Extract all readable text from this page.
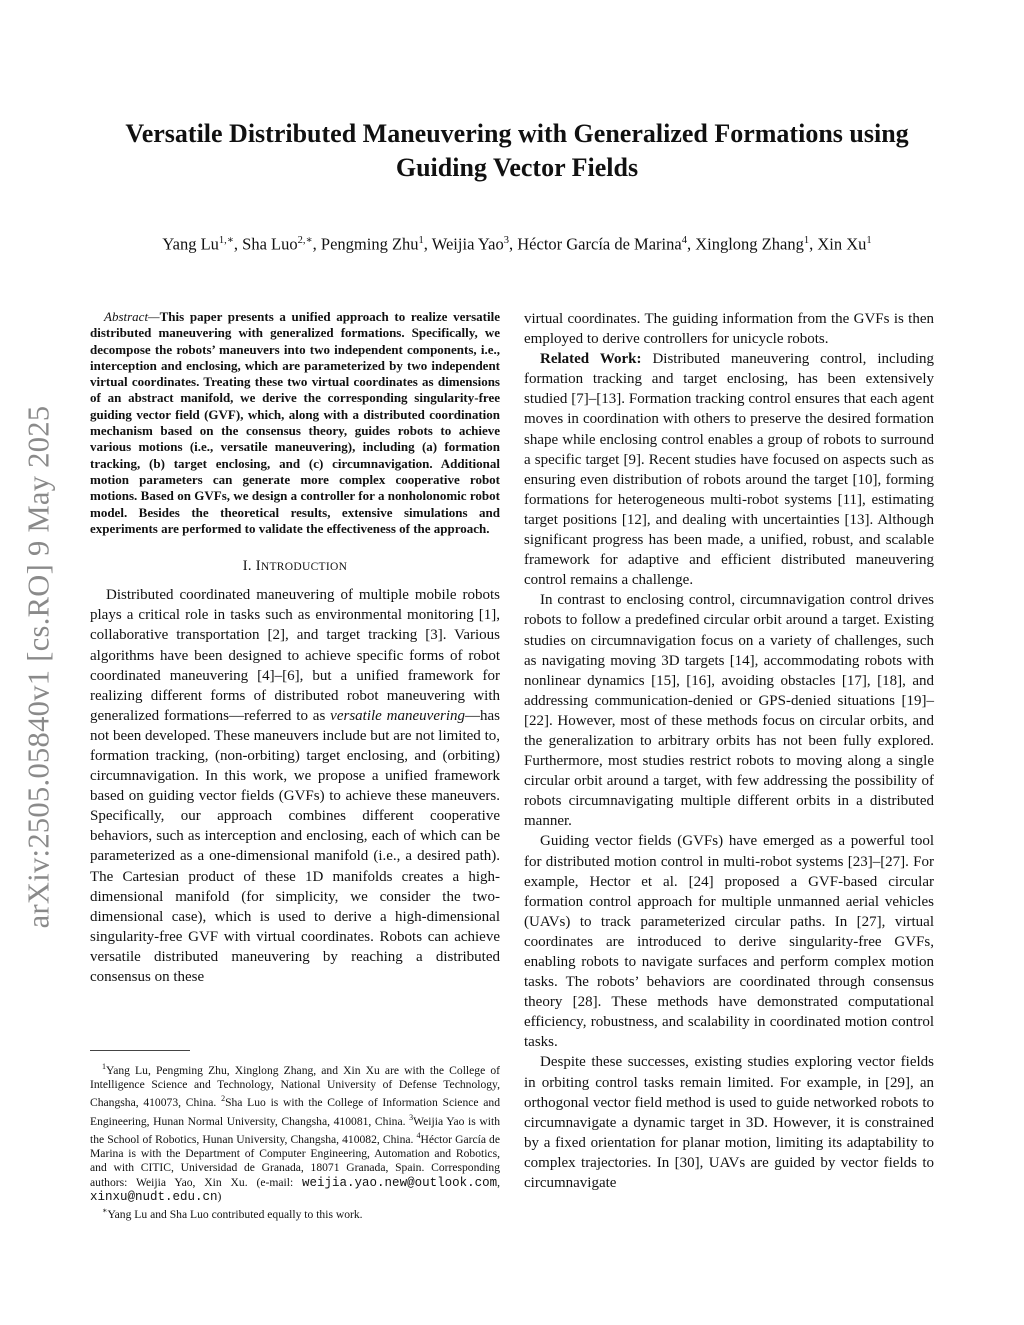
arXiv:2505.05840v1 [cs.RO] 9 May 2025
Versatile Distributed Maneuvering with Generalized Formations using Guiding Vector Fields
Yang $Lu^{1,∗}$, Sha Luo$^{2,∗}$, Pengming Zhu$^1$, Weijia Yao$^3$, Héctor García de Marina$^4$, Xinglong Zhang$^1$, Xin Xu$^1$

Abstract—This paper presents a unified approach to realize versatile distributed maneuvering with generalized formations. Specifically, we decompose the robots’ maneuvers into two independent components, i.e., interception and enclosing, which are parameterized by two independent virtual coordinates. Treating these two virtual coordinates as dimensions of an abstract manifold, we derive the corresponding singularity-free guiding vector field (GVF), which, along with a distributed coordination mechanism based on the consensus theory, guides robots to achieve various motions (i.e., versatile maneuvering), including (a) formation tracking, (b) target enclosing, and (c) circumnavigation. Additional motion parameters can generate more complex cooperative robot motions. Based on GVFs, we design a controller for a nonholonomic robot model. Besides the theoretical results, extensive simulations and experiments are performed to validate the effectiveness of the approach.

I. INTRODUCTION

Distributed coordinated maneuvering of multiple mobile robots plays a critical role in tasks such as environmental monitoring [1], collaborative transportation [2], and target tracking [3]. Various algorithms have been designed to achieve specific forms of robot coordinated maneuvering [4]–[6], but a unified framework for realizing different forms of distributed robot maneuvering with generalized formations—referred to as versatile maneuvering—has not been developed. These maneuvers include but are not limited to, formation tracking, (non-orbiting) target enclosing, and (orbiting) circumnavigation. In this work, we propose a unified framework based on guiding vector fields (GVFs) to achieve these maneuvers. Specifically, our approach combines different cooperative behaviors, such as interception and enclosing, each of which can be parameterized as a one-dimensional manifold (i.e., a desired path). The Cartesian product of these 1D manifolds creates a high-dimensional manifold (for simplicity, we consider the two-dimensional case), which is used to derive a high-dimensional singularity-free GVF with virtual coordinates. Robots can achieve versatile distributed maneuvering by reaching a distributed consensus on these

$^1$Yang Lu, Pengming Zhu, Xinglong Zhang, and Xin Xu are with the College of Intelligence Science and Technology, National University of Defense Technology, Changsha, 410073, China. $^2$Sha Luo is with the College of Information Science and Engineering, Hunan Normal University, Changsha, 410081, China. $^3$Weijia Yao is with the School of Robotics, Hunan University, Changsha, 410082, China. $^4$Héctor García de Marina is with the Department of Computer Engineering, Automation and Robotics, and with CITIC, Universidad de Granada, 18071 Granada, Spain. Corresponding authors: Weijia Yao, Xin Xu. (e-mail: weijia.yao.new@outlook.com, xinxu@nudt.edu.cn)

∗Yang Lu and Sha Luo contributed equally to this work.

virtual coordinates. The guiding information from the GVFs is then employed to derive controllers for unicycle robots.

Related Work: Distributed maneuvering control, including formation tracking and target enclosing, has been extensively studied [7]–[13]. Formation tracking control ensures that each agent moves in coordination with others to preserve the desired formation shape while enclosing control enables a group of robots to surround a specific target [9]. Recent studies have focused on aspects such as ensuring even distribution of robots around the target [10], forming formations for heterogeneous multi-robot systems [11], estimating target positions [12], and dealing with uncertainties [13]. Although significant progress has been made, a unified, robust, and scalable framework for adaptive and efficient distributed maneuvering control remains a challenge.

In contrast to enclosing control, circumnavigation control drives robots to follow a predefined circular orbit around a target. Existing studies on circumnavigation focus on a variety of challenges, such as navigating moving 3D targets [14], accommodating robots with nonlinear dynamics [15], [16], avoiding obstacles [17], [18], and addressing communication-denied or GPS-denied situations [19]–[22]. However, most of these methods focus on circular orbits, and the generalization to arbitrary orbits has not been fully explored. Furthermore, most studies restrict robots to moving along a single circular orbit around a target, with few addressing the possibility of robots circumnavigating multiple different orbits in a distributed manner.

Guiding vector fields (GVFs) have emerged as a powerful tool for distributed motion control in multi-robot systems [23]–[27]. For example, Hector et al. [24] proposed a GVF-based circular formation control approach for multiple unmanned aerial vehicles (UAVs) to track parameterized circular paths. In [27], virtual coordinates are introduced to derive singularity-free GVFs, enabling robots to navigate surfaces and perform complex motion tasks. The robots’ behaviors are coordinated through consensus theory [28]. These methods have demonstrated computational efficiency, robustness, and scalability in coordinated motion control tasks.

Despite these successes, existing studies exploring vector fields in orbiting control tasks remain limited. For example, in [29], an orthogonal vector field method is used to guide networked robots to circumnavigate a dynamic target in 3D. However, it is constrained by a fixed orientation for planar motion, limiting its adaptability to complex trajectories. In [30], UAVs are guided by vector fields to circumnavigate
